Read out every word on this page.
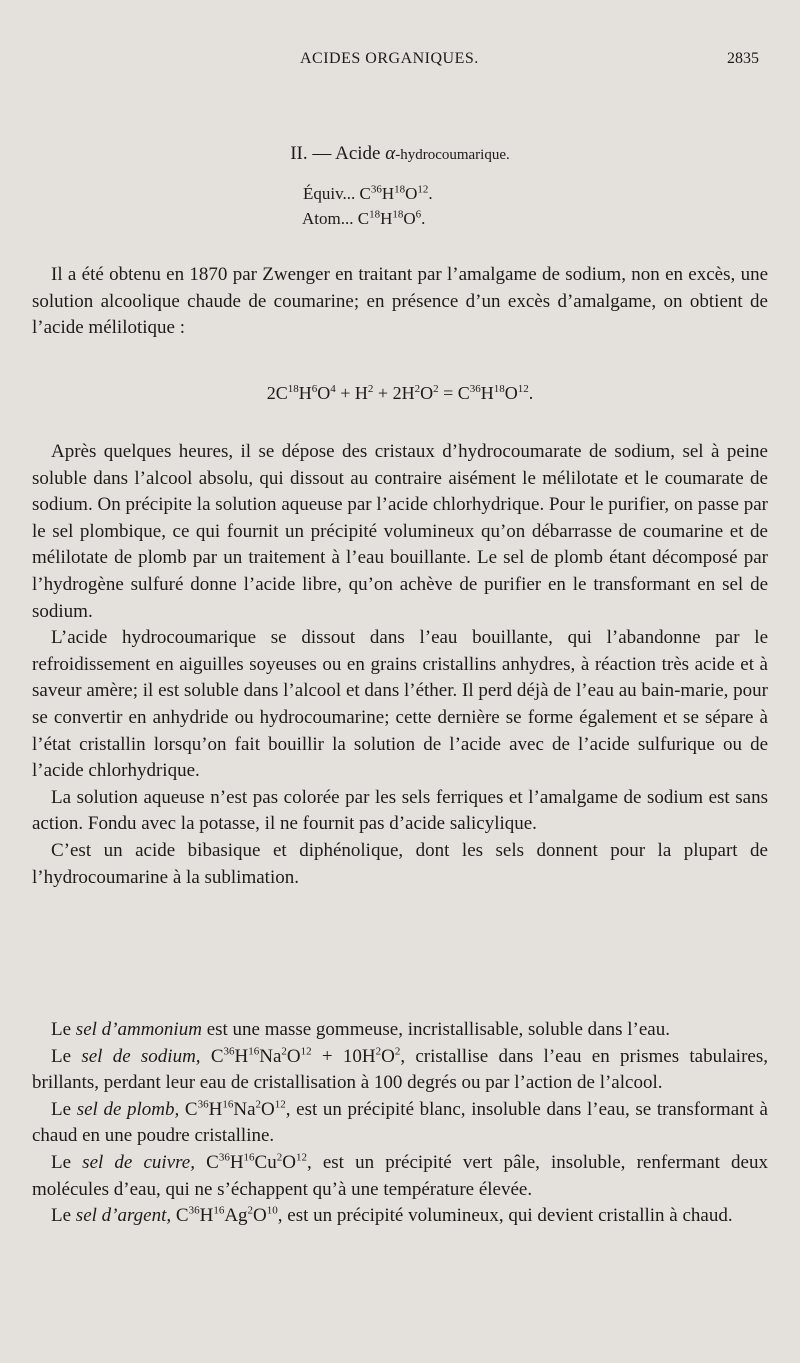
ACIDES ORGANIQUES.	2835
II. — Acide α-hydrocoumarique.
Équiv... $C^{36}H^{18}O^{12}$.
Atom... $C^{18}H^{18}O^6$.

Il a été obtenu en 1870 par Zwenger en traitant par l’amalgame de sodium, non en excès, une solution alcoolique chaude de coumarine; en présence d’un excès d’amalgame, on obtient de l’acide mélilotique :

$2C^{18}H^6O^4 + H^2 + 2H^2O^2 = C^{36}H^{18}O^{12}$.

Après quelques heures, il se dépose des cristaux d’hydrocoumarate de sodium, sel à peine soluble dans l’alcool absolu, qui dissout au contraire aisément le mélilotate et le coumarate de sodium. On précipite la solution aqueuse par l’acide chlorhydrique. Pour le purifier, on passe par le sel plombique, ce qui fournit un précipité volumineux qu’on débarrasse de coumarine et de mélilotate de plomb par un traitement à l’eau bouillante. Le sel de plomb étant décomposé par l’hydrogène sulfuré donne l’acide libre, qu’on achève de purifier en le transformant en sel de sodium.

L’acide hydrocoumarique se dissout dans l’eau bouillante, qui l’abandonne par le refroidissement en aiguilles soyeuses ou en grains cristallins anhydres, à réaction très acide et à saveur amère; il est soluble dans l’alcool et dans l’éther. Il perd déjà de l’eau au bain-marie, pour se convertir en anhydride ou hydrocoumarine; cette dernière se forme également et se sépare à l’état cristallin lorsqu’on fait bouillir la solution de l’acide avec de l’acide sulfurique ou de l’acide chlorhydrique.

La solution aqueuse n’est pas colorée par les sels ferriques et l’amalgame de sodium est sans action. Fondu avec la potasse, il ne fournit pas d’acide salicylique.

C’est un acide bibasique et diphénolique, dont les sels donnent pour la plupart de l’hydrocoumarine à la sublimation.

Le sel d’ammonium est une masse gommeuse, incristallisable, soluble dans l’eau.

Le sel de sodium, $C^{36}H^{16}Na^2O^{12} + 10H^2O^2$, cristallise dans l’eau en prismes tabulaires, brillants, perdant leur eau de cristallisation à 100 degrés ou par l’action de l’alcool.

Le sel de plomb, $C^{36}H^{16}Na^2O^{12}$, est un précipité blanc, insoluble dans l’eau, se transformant à chaud en une poudre cristalline.

Le sel de cuivre, $C^{36}H^{16}Cu^2O^{12}$, est un précipité vert pâle, insoluble, renfermant deux molécules d’eau, qui ne s’échappent qu’à une température élevée.

Le sel d’argent, $C^{36}H^{16}Ag^2O^{10}$, est un précipité volumineux, qui devient cristallin à chaud.
